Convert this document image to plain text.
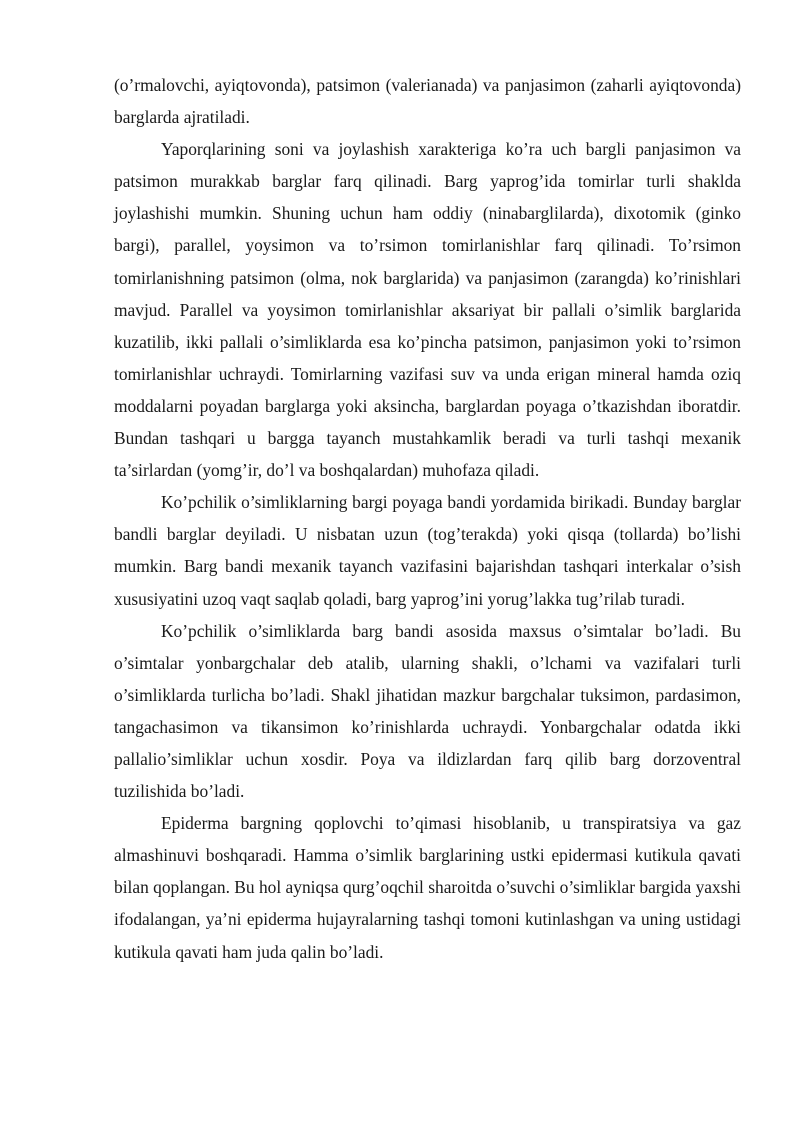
(o’rmalovchi, ayiqtovonda), patsimon (valerianada) va panjasimon (zaharli ayiqtovonda) barglarda ajratiladi.

Yaporqlarining soni va joylashish xarakteriga ko’ra uch bargli panjasimon va patsimon murakkab barglar farq qilinadi. Barg yaprog’ida tomirlar turli shaklda joylashishi mumkin. Shuning uchun ham oddiy (ninabarglilarda), dixotomik (ginko bargi), parallel, yoysimon va to’rsimon tomirlanishlar farq qilinadi. To’rsimon tomirlanishning patsimon (olma, nok barglarida) va panjasimon (zarangda) ko’rinishlari mavjud. Parallel va yoysimon tomirlanishlar aksariyat bir pallali o’simlik barglarida kuzatilib, ikki pallali o’simliklarda esa ko’pincha patsimon, panjasimon yoki to’rsimon tomirlanishlar uchraydi. Tomirlarning vazifasi suv va unda erigan mineral hamda oziq moddalarni poyadan barglarga yoki aksincha, barglardan poyaga o’tkazishdan iboratdir. Bundan tashqari u bargga tayanch mustahkamlik beradi va turli tashqi mexanik ta’sirlardan (yomg’ir, do’l va boshqalardan) muhofaza qiladi.

Ko’pchilik o’simliklarning bargi poyaga bandi yordamida birikadi. Bunday barglar bandli barglar deyiladi. U nisbatan uzun (tog’terakda) yoki qisqa (tollarda) bo’lishi mumkin. Barg bandi mexanik tayanch vazifasini bajarishdan tashqari interkalar o’sish xususiyatini uzoq vaqt saqlab qoladi, barg yaprog’ini yorug’lakka tug’rilab turadi.

Ko’pchilik o’simliklarda barg bandi asosida maxsus o’simtalar bo’ladi. Bu o’simtalar yonbargchalar deb atalib, ularning shakli, o’lchami va vazifalari turli o’simliklarda turlicha bo’ladi. Shakl jihatidan mazkur bargchalar tuksimon, pardasimon, tangachasimon va tikansimon ko’rinishlarda uchraydi. Yonbargchalar odatda ikki pallalio’simliklar uchun xosdir. Poya va ildizlardan farq qilib barg dorzoventral tuzilishida bo’ladi.

Epiderma bargning qoplovchi to’qimasi hisoblanib, u transpiratsiya va gaz almashinuvi boshqaradi. Hamma o’simlik barglarining ustki epidermasi kutikula qavati bilan qoplangan. Bu hol ayniqsa qurg’oqchil sharoitda o’suvchi o’simliklar bargida yaxshi ifodalangan, ya’ni epiderma hujayralarning tashqi tomoni kutinlashgan va uning ustidagi kutikula qavati ham juda qalin bo’ladi.
